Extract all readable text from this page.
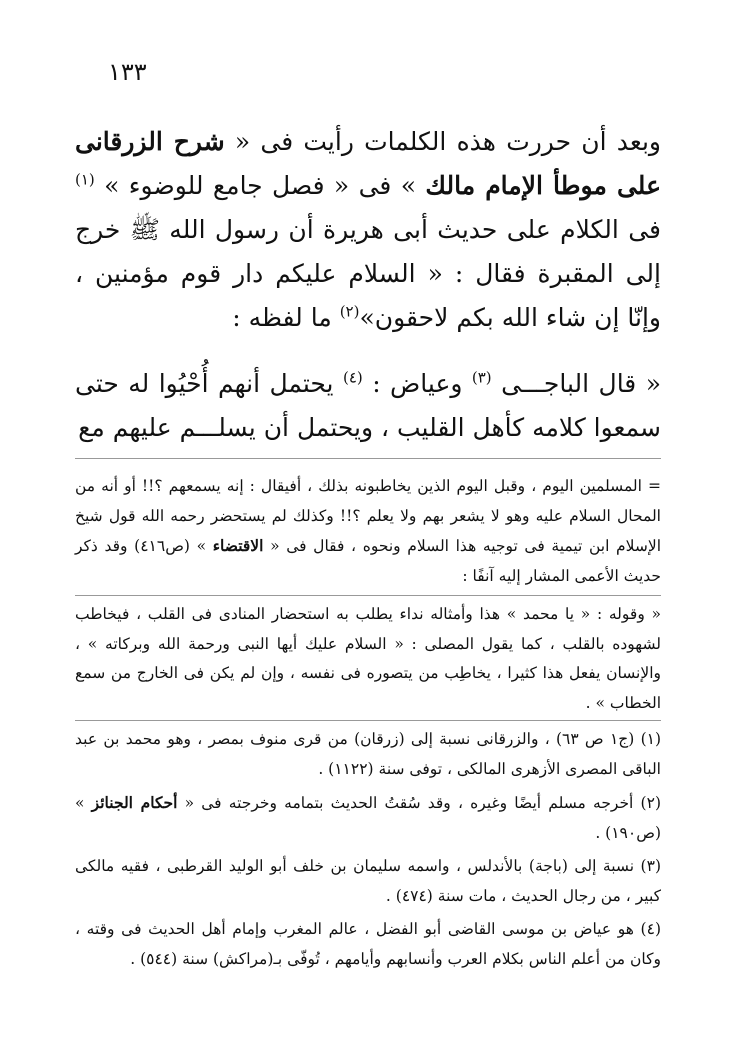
١٣٣

وبعد أن حررت هذه الكلمات رأيت فى « شرح الزرقانى على موطأ الإمام مالك » فى « فصل جامع للوضوء » $^{(١)}$ فى الكلام على حديث أبى هريرة أن رسول الله ﷺ خرج إلى المقبرة فقال : « السلام عليكم دار قوم مؤمنين ، وإنّا إن شاء الله بكم لاحقون»$^{(٢)}$ ما لفظه :

« قال الباجـــى $^{(٣)}$ وعياض : $^{(٤)}$ يحتمل أنهم أُحْيُوا له حتى سمعوا كلامه كأهل القليب ، ويحتمل أن يسلـــم عليهم مع

= المسلمين اليوم ، وقبل اليوم الذين يخاطبونه بذلك ، أفيقال : إنه يسمعهم ؟!! أو أنه من المحال السلام عليه وهو لا يشعر بهم ولا يعلم ؟!! وكذلك لم يستحضر رحمه الله قول شيخ الإسلام ابن تيمية فى توجيه هذا السلام ونحوه ، فقال فى « الاقتضاء » (ص٤١٦) وقد ذكر حديث الأعمى المشار إليه آنفًا :

« وقوله : « يا محمد » هذا وأمثاله نداء يطلب به استحضار المنادى فى القلب ، فيخاطب لشهوده بالقلب ، كما يقول المصلى : « السلام عليك أيها النبى ورحمة الله وبركاته » ، والإنسان يفعل هذا كثيرا ، يخاطِب من يتصوره فى نفسه ، وإن لم يكن فى الخارج من سمع الخطاب » .

(١) (ج١ ص ٦٣) ، والزرقانى نسبة إلى (زرقان) من قرى منوف بمصر ، وهو محمد بن عبد الباقى المصرى الأزهرى المالكى ، توفى سنة (١١٢٢) .

(٢) أخرجه مسلم أيضًا وغيره ، وقد سُقتُ الحديث بتمامه وخرجته فى « أحكام الجنائز » (ص١٩٠) .

(٣) نسبة إلى (باجة) بالأندلس ، واسمه سليمان بن خلف أبو الوليد القرطبى ، فقيه مالكى كبير ، من رجال الحديث ، مات سنة (٤٧٤) .

(٤) هو عياض بن موسى القاضى أبو الفضل ، عالم المغرب وإمام أهل الحديث فى وقته ، وكان من أعلم الناس بكلام العرب وأنسابهم وأيامهم ، تُوفّى بـ(مراكش) سنة (٥٤٤) .
